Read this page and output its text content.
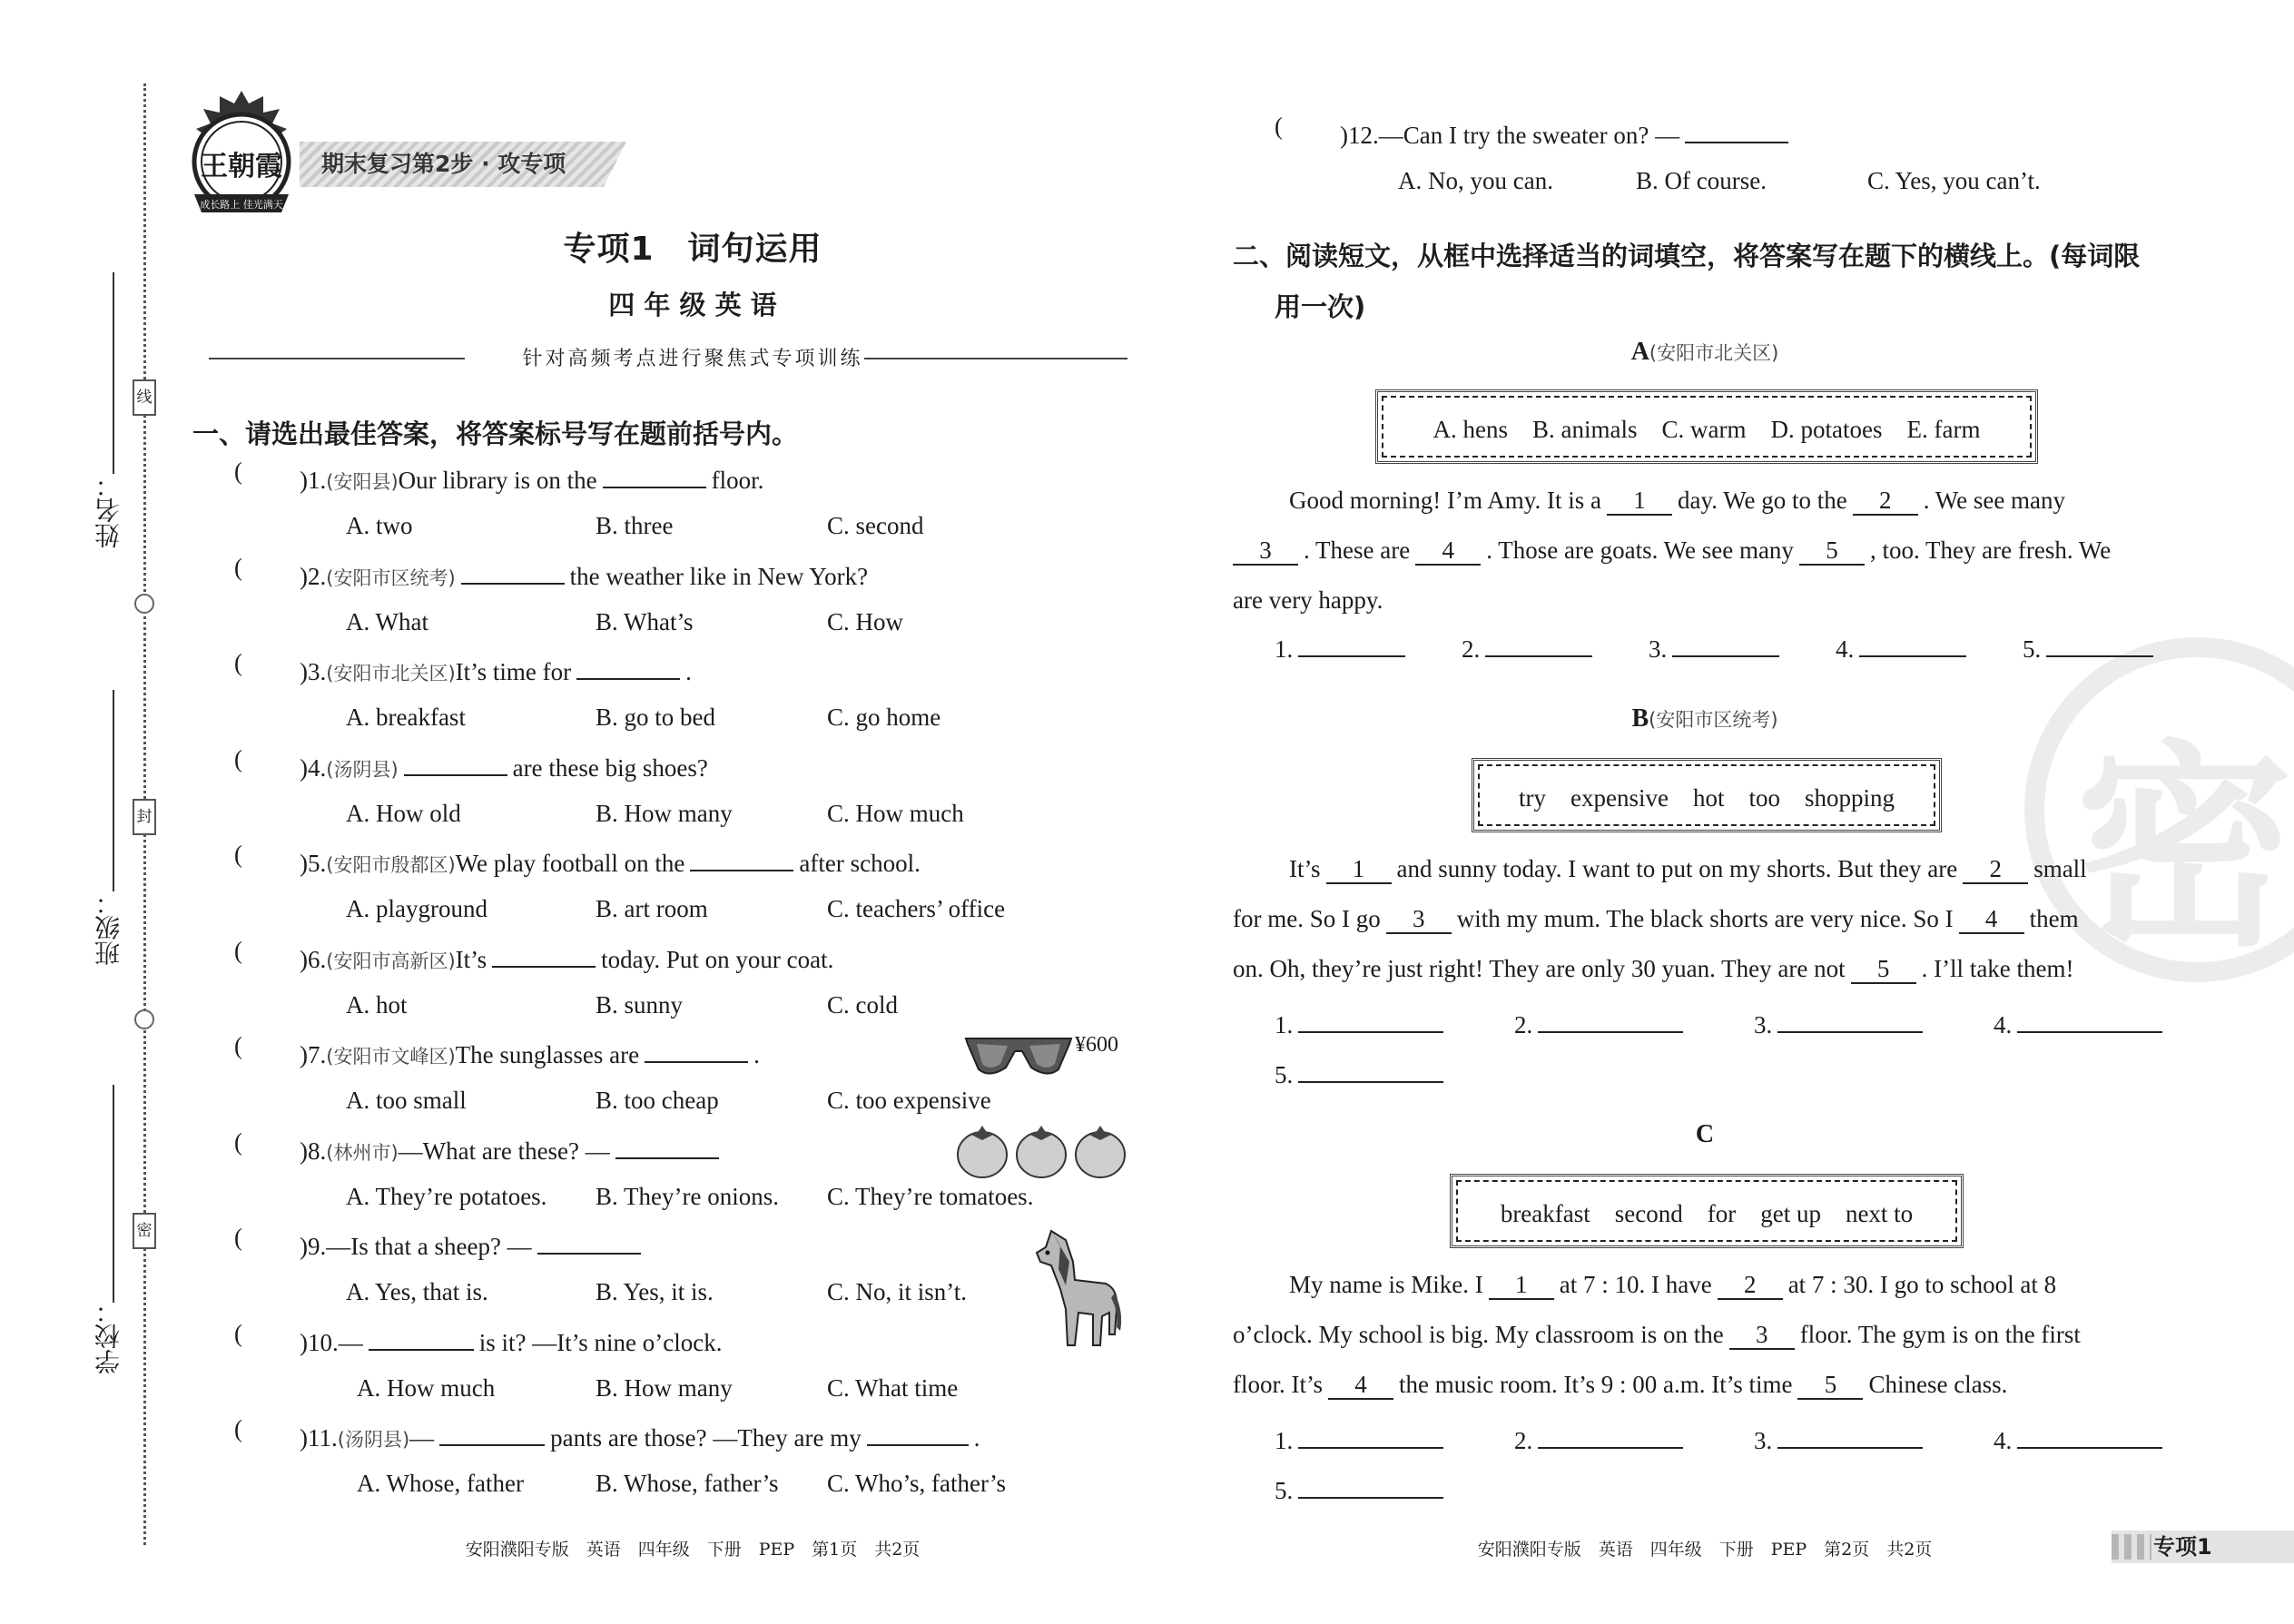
线
封
密
姓名：
班级：
学校：
王朝霞
成长路上 佳光满天
期末复习第2步 · 攻专项
专项1　词句运用
四 年 级 英 语
针对高频考点进行聚焦式专项训练
一、请选出最佳答案，将答案标号写在题前括号内。
( )1.(安阳县)Our library is on the	floor.
A. two	B. three	C. second
( )2.(安阳市区统考)	the weather like in New York?
A. What	B. What’s	C. How
( )3.(安阳市北关区)It’s time for	.
A. breakfast	B. go to bed	C. go home
( )4.(汤阴县)	are these big shoes?
A. How old	B. How many	C. How much
( )5.(安阳市殷都区)We play football on the	after school.
A. playground	B. art room	C. teachers’ office
( )6.(安阳市高新区)It’s	today. Put on your coat.
A. hot	B. sunny	C. cold
( )7.(安阳市文峰区)The sunglasses are	.
A. too small	B. too cheap	C. too expensive
( )8.(林州市)—What are these? —
A. They’re potatoes. B. They’re onions. C. They’re tomatoes.
( )9.—Is that a sheep? —
A. Yes, that is.	B. Yes, it is.	C. No, it isn’t.
( )10.—	is it? —It’s nine o’clock.
A. How much	B. How many	C. What time
( )11.(汤阴县)—	pants are those? —They are my	.
A. Whose, father	B. Whose, father’s C. Who’s, father’s
¥600
安阳濮阳专版　英语　四年级　下册　PEP　第1页　共2页
密
( )12.—Can I try the sweater on? —
A. No, you can.	B. Of course.	C. Yes, you can’t.
二、阅读短文，从框中选择适当的词填空，将答案写在题下的横线上。(每词限
用一次)
A(安阳市北关区)
A. hens　B. animals　C. warm　D. potatoes　E. farm
Good morning! I’m Amy. It is a 1 day. We go to the 2 . We see many
3 . These are 4 . Those are goats. We see many 5 , too. They are fresh. We
are very happy.
1.	2.	3.	4.	5.
B(安阳市区统考)
try　expensive　hot　too　shopping
It’s 1 and sunny today. I want to put on my shorts. But they are 2 small
for me. So I go 3 with my mum. The black shorts are very nice. So I 4 them
on. Oh, they’re just right! They are only 30 yuan. They are not 5 . I’ll take them!
1.	2.	3.	4.
5.
C
breakfast　second　for　get up　next to
My name is Mike. I 1 at 7 : 10. I have 2 at 7 : 30. I go to school at 8
o’clock. My school is big. My classroom is on the 3 floor. The gym is on the first
floor. It’s 4 the music room. It’s 9 : 00 a.m. It’s time 5 Chinese class.
1.	2.	3.	4.
5.
安阳濮阳专版　英语　四年级　下册　PEP　第2页　共2页	专项1
